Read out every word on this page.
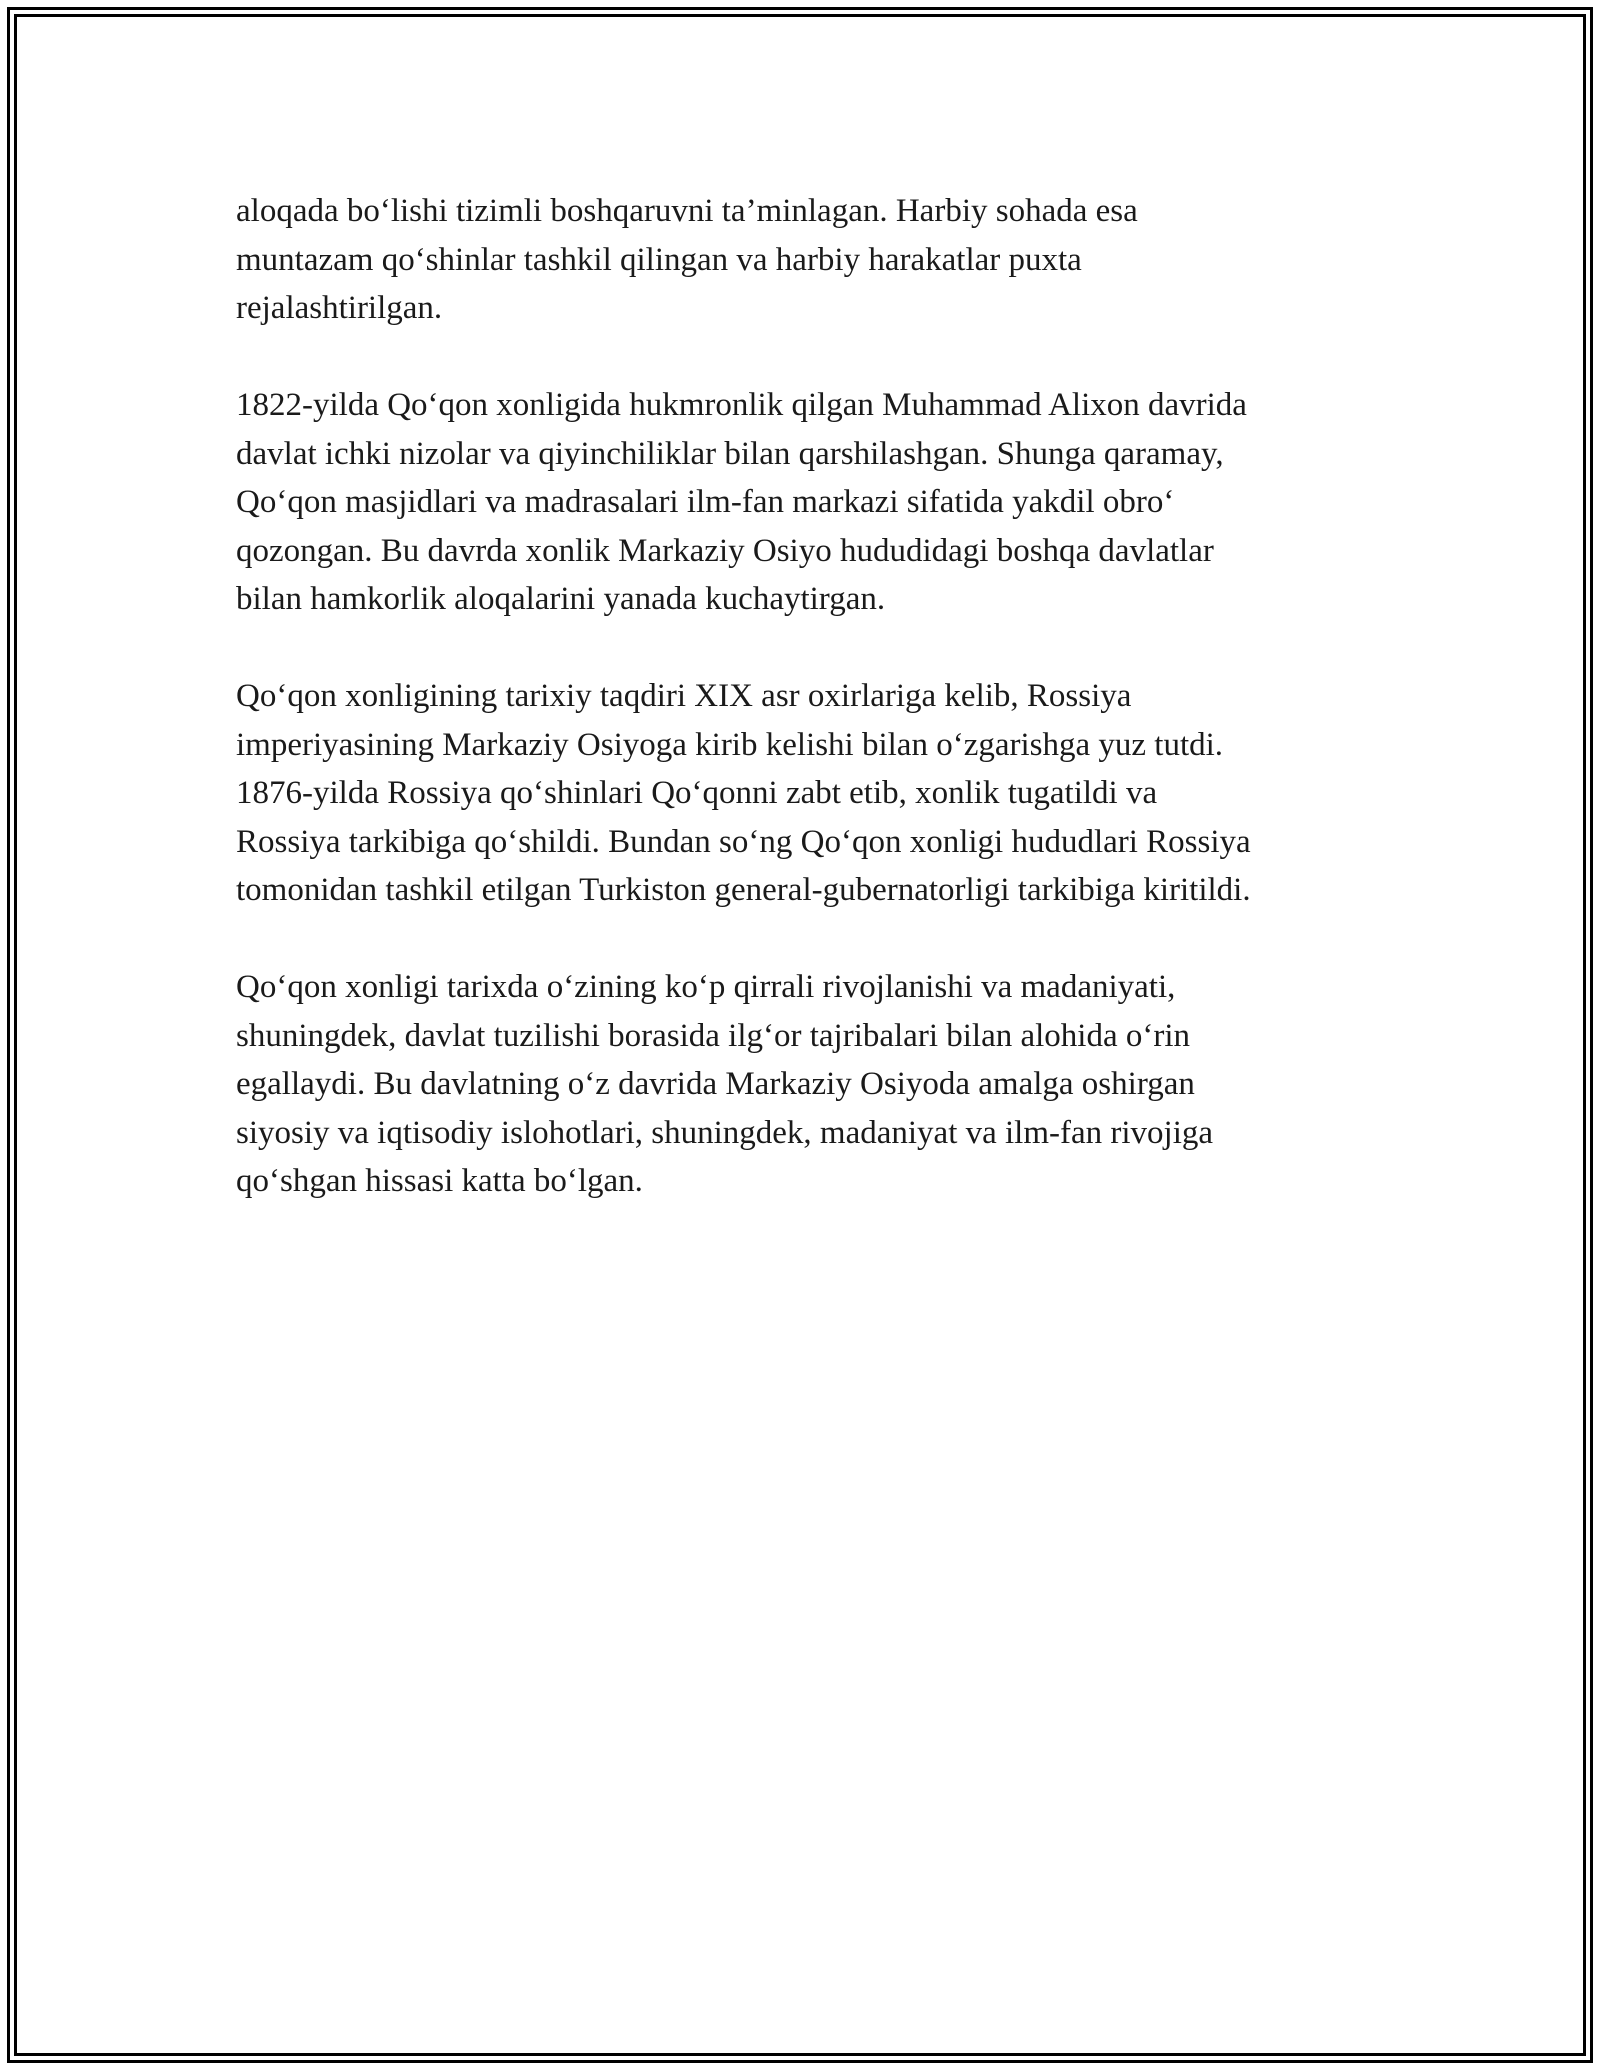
aloqada bo‘lishi tizimli boshqaruvni ta’minlagan. Harbiy sohada esa
muntazam qo‘shinlar tashkil qilingan va harbiy harakatlar puxta
rejalashtirilgan.

1822-yilda Qo‘qon xonligida hukmronlik qilgan Muhammad Alixon davrida
davlat ichki nizolar va qiyinchiliklar bilan qarshilashgan. Shunga qaramay,
Qo‘qon masjidlari va madrasalari ilm-fan markazi sifatida yakdil obro‘
qozongan. Bu davrda xonlik Markaziy Osiyo hududidagi boshqa davlatlar
bilan hamkorlik aloqalarini yanada kuchaytirgan.

Qo‘qon xonligining tarixiy taqdiri XIX asr oxirlariga kelib, Rossiya
imperiyasining Markaziy Osiyoga kirib kelishi bilan o‘zgarishga yuz tutdi.
1876-yilda Rossiya qo‘shinlari Qo‘qonni zabt etib, xonlik tugatildi va
Rossiya tarkibiga qo‘shildi. Bundan so‘ng Qo‘qon xonligi hududlari Rossiya
tomonidan tashkil etilgan Turkiston general-gubernatorligi tarkibiga kiritildi.

Qo‘qon xonligi tarixda o‘zining ko‘p qirrali rivojlanishi va madaniyati,
shuningdek, davlat tuzilishi borasida ilg‘or tajribalari bilan alohida o‘rin
egallaydi. Bu davlatning o‘z davrida Markaziy Osiyoda amalga oshirgan
siyosiy va iqtisodiy islohotlari, shuningdek, madaniyat va ilm-fan rivojiga
qo‘shgan hissasi katta bo‘lgan.
